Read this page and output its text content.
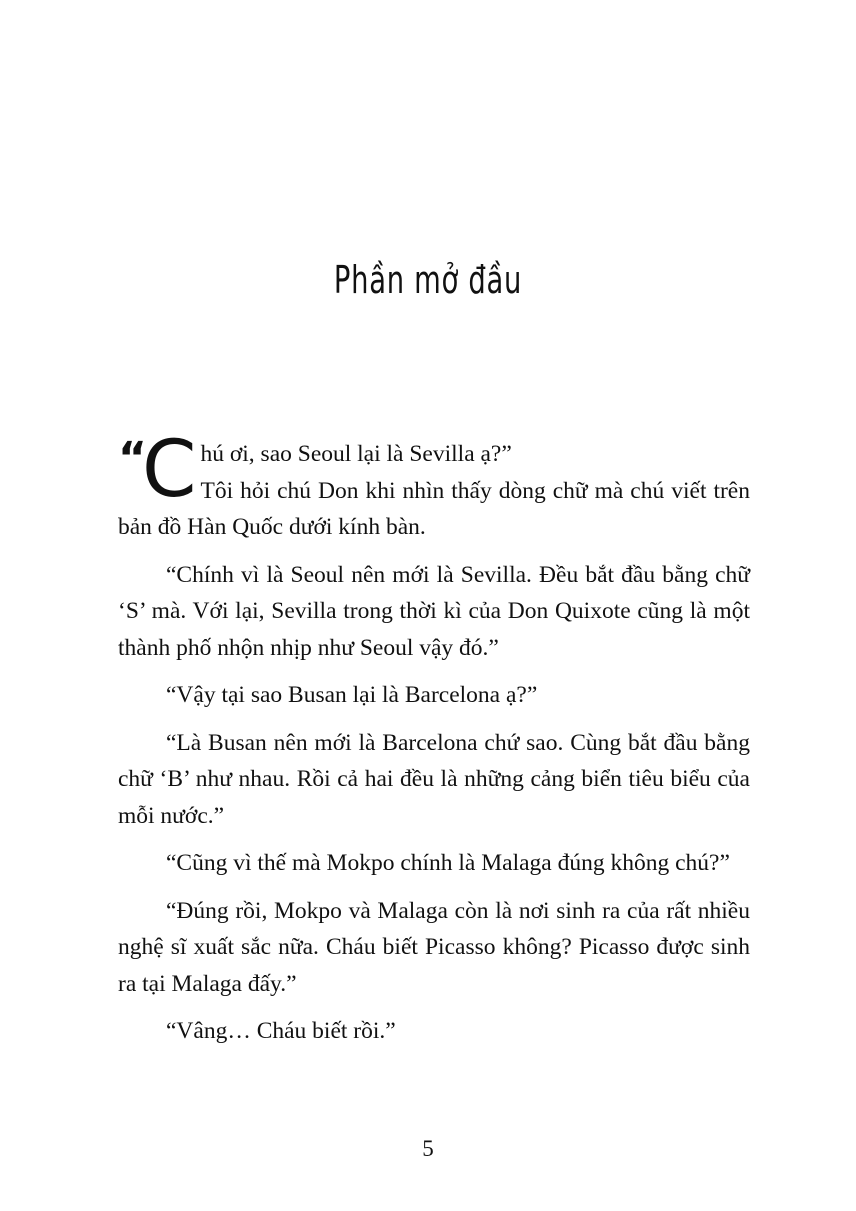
Phần mở đầu
“
C hú ơi, sao Seoul lại là Sevilla ạ?”
Tôi hỏi chú Don khi nhìn thấy dòng chữ mà chú viết trên bản đồ Hàn Quốc dưới kính bàn.

“Chính vì là Seoul nên mới là Sevilla. Đều bắt đầu bằng chữ ‘S’ mà. Với lại, Sevilla trong thời kì của Don Quixote cũng là một thành phố nhộn nhịp như Seoul vậy đó.”

“Vậy tại sao Busan lại là Barcelona ạ?”

“Là Busan nên mới là Barcelona chứ sao. Cùng bắt đầu bằng chữ ‘B’ như nhau. Rồi cả hai đều là những cảng biển tiêu biểu của mỗi nước.”

“Cũng vì thế mà Mokpo chính là Malaga đúng không chú?”

“Đúng rồi, Mokpo và Malaga còn là nơi sinh ra của rất nhiều nghệ sĩ xuất sắc nữa. Cháu biết Picasso không? Picasso được sinh ra tại Malaga đấy.”

“Vâng… Cháu biết rồi.”

5
